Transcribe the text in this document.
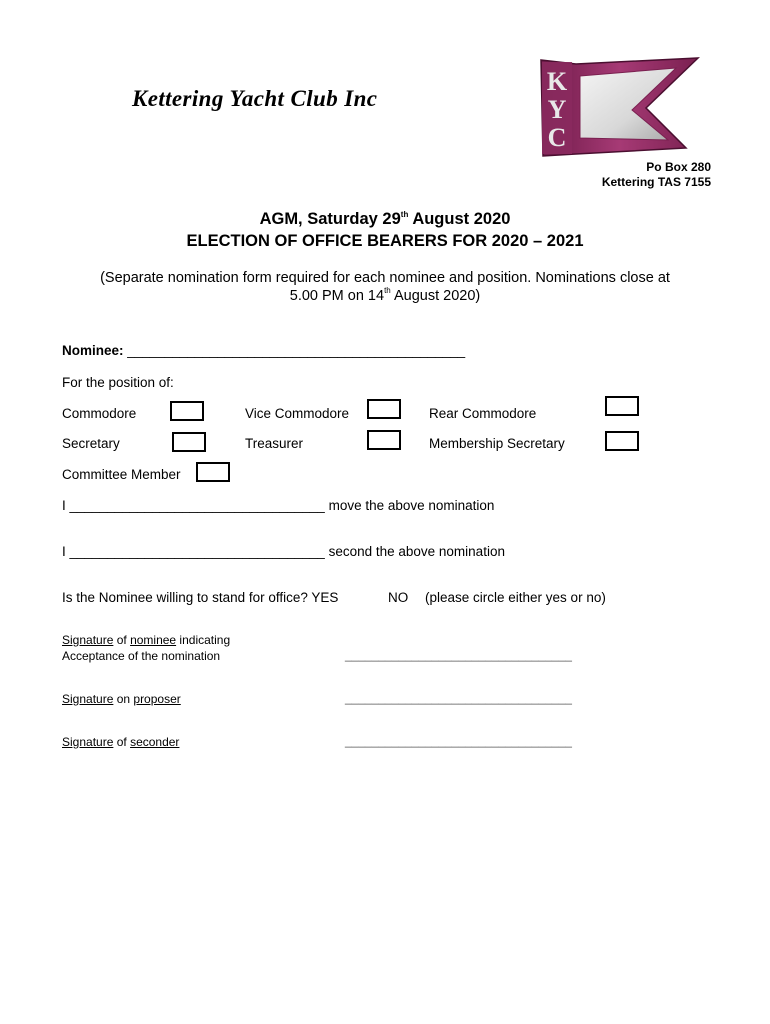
Kettering Yacht Club Inc
K
Y
C
Po Box 280
Kettering TAS 7155
AGM, Saturday 29th August 2020
ELECTION OF OFFICE BEARERS FOR 2020 – 2021
(Separate nomination form required for each nominee and position. Nominations close at
5.00 PM on 14th August 2020)
Nominee: _____________________________________________
For the position of:
Commodore	Vice Commodore	Rear Commodore
Secretary	Treasurer	Membership Secretary
Committee Member
I __________________________________ move the above nomination
I __________________________________ second the above nomination
Is the Nominee willing to stand for office? YES	NO (please circle either yes or no)
Signature of nominee indicating
Acceptance of the nomination	__________________________________
Signature on proposer	__________________________________
Signature of seconder	__________________________________
